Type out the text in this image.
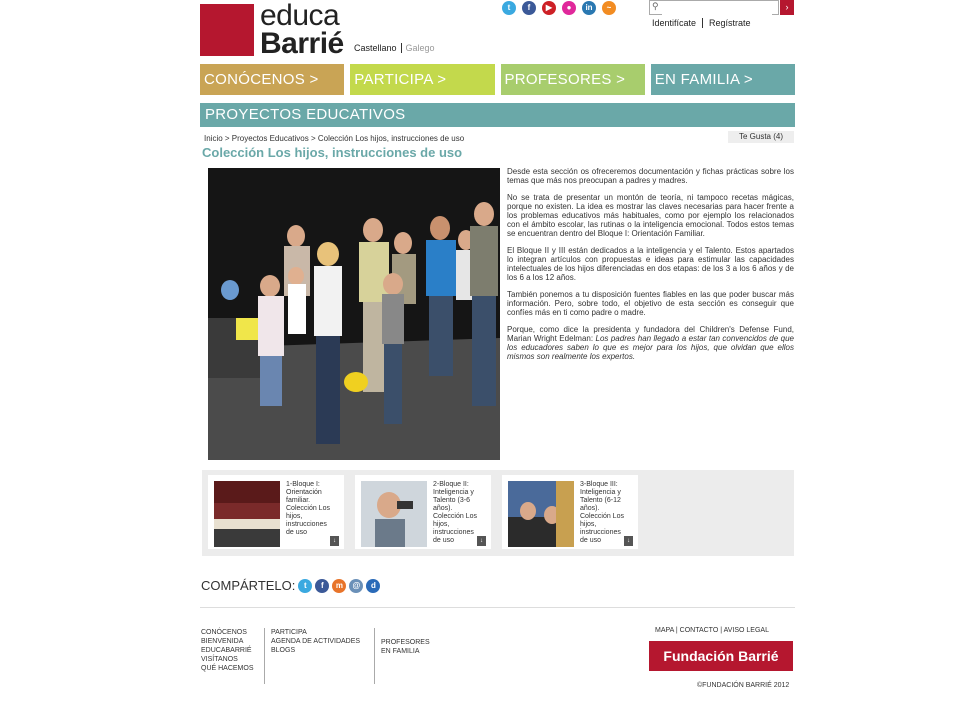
educa
Barrié Castellano Galego
t	f	▶	●	in	~	⚲	›
Identifícate	Regístrate
CONÓCENOS >	PARTICIPA >	PROFESORES >	EN FAMILIA >
PROYECTOS EDUCATIVOS
Inicio > Proyectos Educativos > Colección Los hijos, instrucciones de uso	Te Gusta (4)
Colección Los hijos, instrucciones de uso

Desde esta sección os ofreceremos documentación y fichas prácticas sobre los temas que más nos preocupan a padres y madres.

No se trata de presentar un montón de teoría, ni tampoco recetas mágicas, porque no existen. La idea es mostrar las claves necesarias para hacer frente a los problemas educativos más habituales, como por ejemplo los relacionados con el ámbito escolar, las rutinas o la inteligencia emocional. Todos estos temas se encuentran dentro del Bloque I: Orientación Familiar.

El Bloque II y III están dedicados a la inteligencia y el Talento. Estos apartados lo integran artículos con propuestas e ideas para estimular las capacidades intelectuales de los hijos diferenciadas en dos etapas: de los 3 a los 6 años y de los 6 a los 12 años.

También ponemos a tu disposición fuentes fiables en las que poder buscar más información. Pero, sobre todo, el objetivo de esta sección es conseguir que confíes más en ti como padre o madre.

Porque, como dice la presidenta y fundadora del Children's Defense Fund, Marian Wright Edelman: Los padres han llegado a estar tan convencidos de que los educadores saben lo que es mejor para los hijos, que olvidan que ellos mismos son realmente los expertos.

1-Bloque I: Orientación familiar. Colección Los hijos, instrucciones de uso
↓
2-Bloque II: Inteligencia y Talento (3-6 años). Colección Los hijos, instrucciones de uso	↓
3-Bloque III: Inteligencia y Talento (6-12 años). Colección Los hijos, instrucciones de uso	↓
COMPÁRTELO:	t	f	m	@	d
CONÓCENOS
BIENVENIDA
EDUCABARRIÉ
VISÍTANOS
QUÉ HACEMOS
PARTICIPA
AGENDA DE ACTIVIDADES
BLOGS
PROFESORES
EN FAMILIA
MAPA | CONTACTO | AVISO LEGAL
Fundación Barrié
©FUNDACIÓN BARRIÉ 2012
